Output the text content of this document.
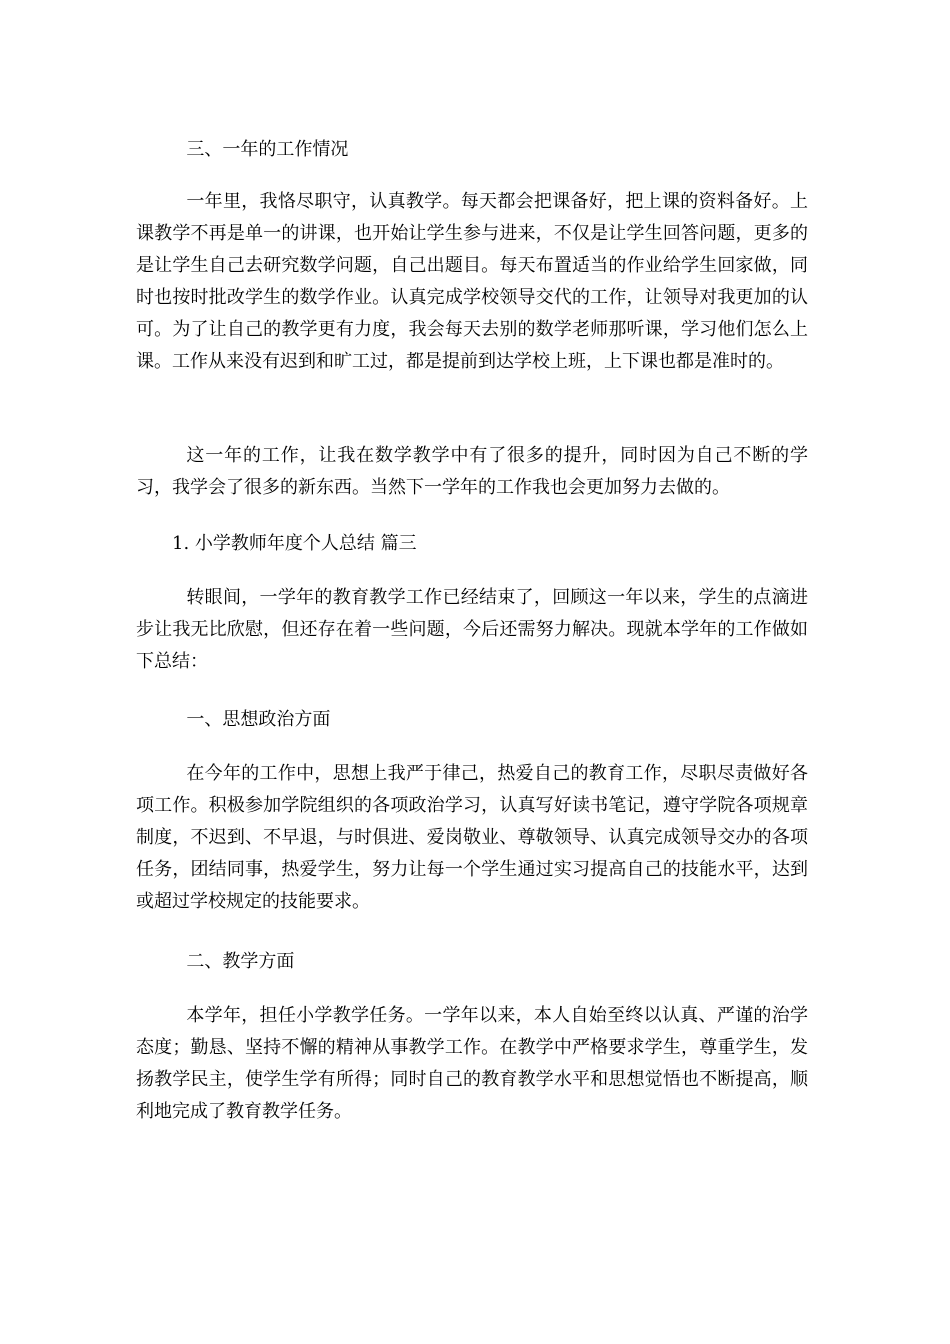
三、一年的工作情况

一年里，我恪尽职守，认真教学。每天都会把课备好，把上课的资料备好。上课教学不再是单一的讲课，也开始让学生参与进来，不仅是让学生回答问题，更多的是让学生自己去研究数学问题，自己出题目。每天布置适当的作业给学生回家做，同时也按时批改学生的数学作业。认真完成学校领导交代的工作，让领导对我更加的认可。为了让自己的教学更有力度，我会每天去别的数学老师那听课，学习他们怎么上课。工作从来没有迟到和旷工过，都是提前到达学校上班，上下课也都是准时的。

这一年的工作，让我在数学教学中有了很多的提升，同时因为自己不断的学习，我学会了很多的新东西。当然下一学年的工作我也会更加努力去做的。

1. 小学教师年度个人总结 篇三

转眼间，一学年的教育教学工作已经结束了，回顾这一年以来，学生的点滴进步让我无比欣慰，但还存在着一些问题，今后还需努力解决。现就本学年的工作做如下总结：

一、思想政治方面

在今年的工作中，思想上我严于律己，热爱自己的教育工作，尽职尽责做好各项工作。积极参加学院组织的各项政治学习，认真写好读书笔记，遵守学院各项规章制度，不迟到、不早退，与时俱进、爱岗敬业、尊敬领导、认真完成领导交办的各项任务，团结同事，热爱学生，努力让每一个学生通过实习提高自己的技能水平，达到或超过学校规定的技能要求。

二、教学方面

本学年，担任小学教学任务。一学年以来，本人自始至终以认真、严谨的治学态度；勤恳、坚持不懈的精神从事教学工作。在教学中严格要求学生，尊重学生，发扬教学民主，使学生学有所得；同时自己的教育教学水平和思想觉悟也不断提高，顺利地完成了教育教学任务。
